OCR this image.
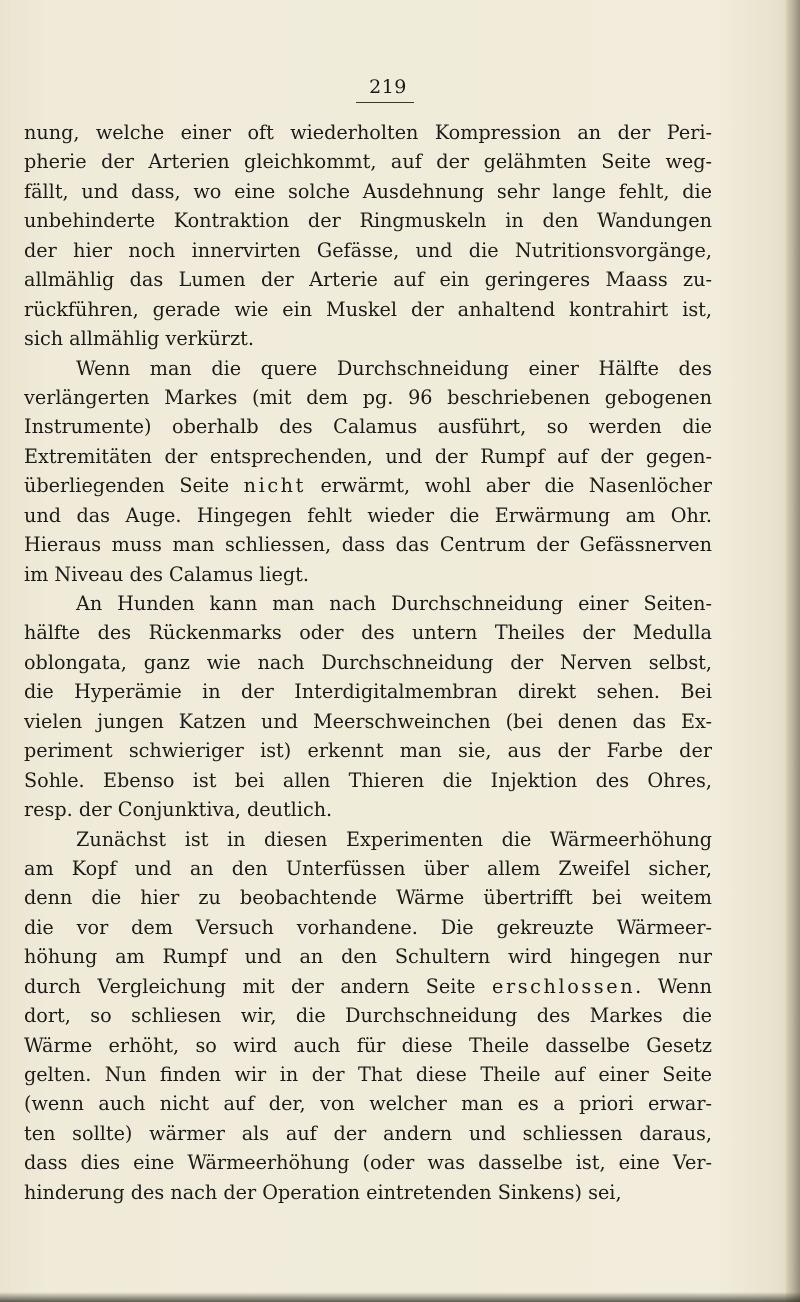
219
nung, welche einer oft wiederholten Kompression an der Peri-
pherie der Arterien gleichkommt, auf der gelähmten Seite weg-
fällt, und dass, wo eine solche Ausdehnung sehr lange fehlt, die
unbehinderte Kontraktion der Ringmuskeln in den Wandungen
der hier noch innervirten Gefässe, und die Nutritionsvorgänge,
allmählig das Lumen der Arterie auf ein geringeres Maass zu-
rückführen, gerade wie ein Muskel der anhaltend kontrahirt ist,
sich allmählig verkürzt.
Wenn man die quere Durchschneidung einer Hälfte des
verlängerten Markes (mit dem pg. 96 beschriebenen gebogenen
Instrumente) oberhalb des Calamus ausführt, so werden die
Extremitäten der entsprechenden, und der Rumpf auf der gegen-
überliegenden Seite nicht erwärmt, wohl aber die Nasenlöcher
und das Auge. Hingegen fehlt wieder die Erwärmung am Ohr.
Hieraus muss man schliessen, dass das Centrum der Gefässnerven
im Niveau des Calamus liegt.
An Hunden kann man nach Durchschneidung einer Seiten-
hälfte des Rückenmarks oder des untern Theiles der Medulla
oblongata, ganz wie nach Durchschneidung der Nerven selbst,
die Hyperämie in der Interdigitalmembran direkt sehen. Bei
vielen jungen Katzen und Meerschweinchen (bei denen das Ex-
periment schwieriger ist) erkennt man sie, aus der Farbe der
Sohle. Ebenso ist bei allen Thieren die Injektion des Ohres,
resp. der Conjunktiva, deutlich.
Zunächst ist in diesen Experimenten die Wärmeerhöhung
am Kopf und an den Unterfüssen über allem Zweifel sicher,
denn die hier zu beobachtende Wärme übertrifft bei weitem
die vor dem Versuch vorhandene. Die gekreuzte Wärmeer-
höhung am Rumpf und an den Schultern wird hingegen nur
durch Vergleichung mit der andern Seite erschlossen. Wenn
dort, so schliesen wir, die Durchschneidung des Markes die
Wärme erhöht, so wird auch für diese Theile dasselbe Gesetz
gelten. Nun finden wir in der That diese Theile auf einer Seite
(wenn auch nicht auf der, von welcher man es a priori erwar-
ten sollte) wärmer als auf der andern und schliessen daraus,
dass dies eine Wärmeerhöhung (oder was dasselbe ist, eine Ver-
hinderung des nach der Operation eintretenden Sinkens) sei,
